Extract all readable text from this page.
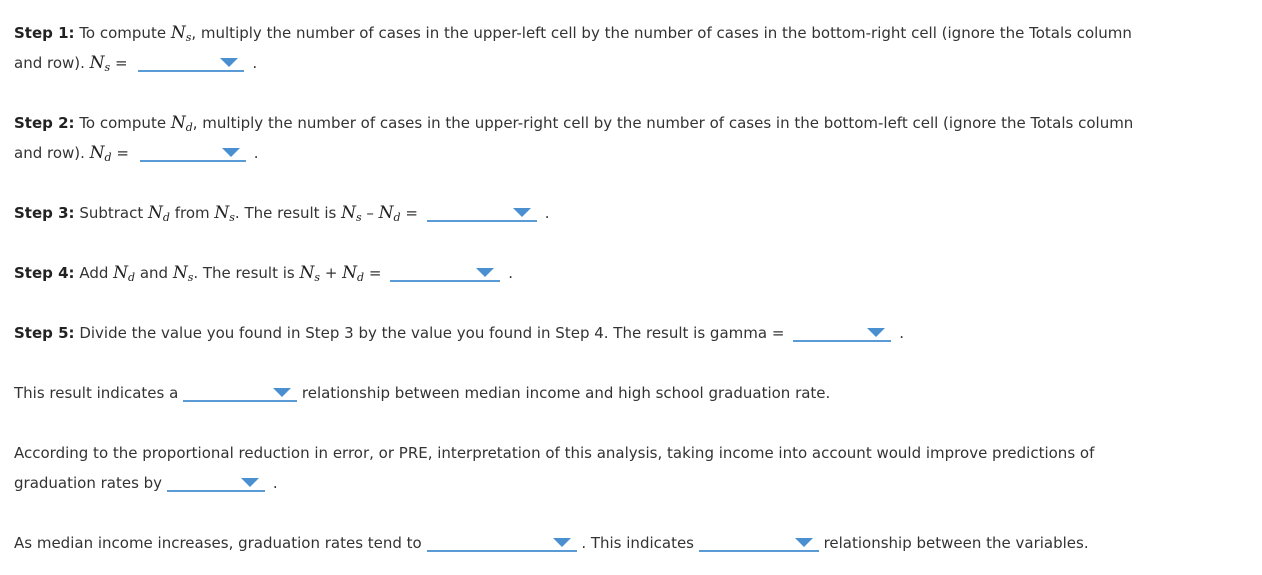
Step 1: To compute $N_s$, multiply the number of cases in the upper-left cell by the number of cases in the bottom-right cell (ignore the Totals column
and row). $N_s$ =	.
Step 2: To compute $N_d$, multiply the number of cases in the upper-right cell by the number of cases in the bottom-left cell (ignore the Totals column
and row). $N_d$ =	.
Step 3: Subtract $N_d$ from $N_s$. The result is $N_s - N_d$ =	.
Step 4: Add $N_d$ and $N_s$. The result is $N_s + N_d$ =	.
Step 5: Divide the value you found in Step 3 by the value you found in Step 4. The result is gamma =	.
This result indicates a	relationship between median income and high school graduation rate.
According to the proportional reduction in error, or PRE, interpretation of this analysis, taking income into account would improve predictions of
graduation rates by	.
As median income increases, graduation rates tend to	. This indicates	relationship between the variables.
